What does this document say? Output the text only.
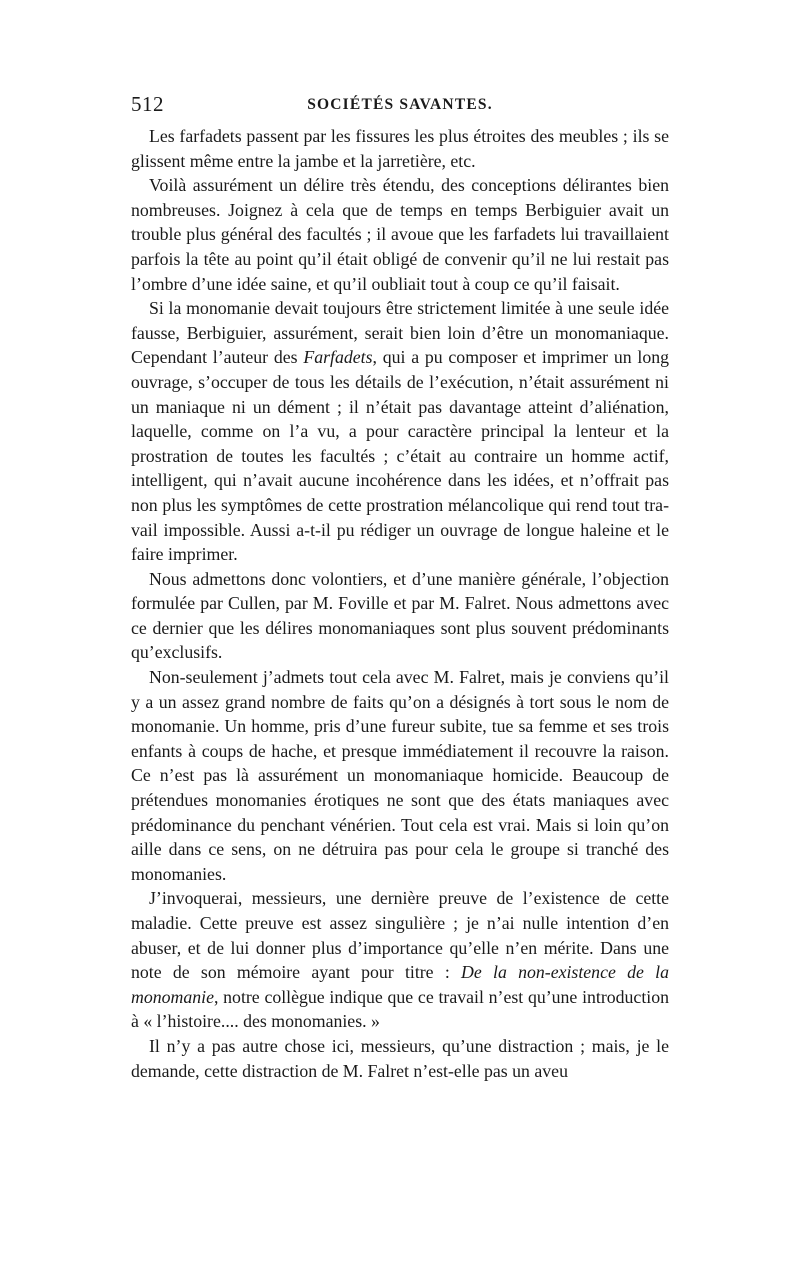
512	SOCIÉTÉS SAVANTES.

Les farfadets passent par les fissures les plus étroites des meubles ; ils se glissent même entre la jambe et la jarretière, etc.

Voilà assurément un délire très étendu, des conceptions délirantes bien nombreuses. Joignez à cela que de temps en temps Berbiguier avait un trouble plus général des facultés ; il avoue que les farfadets lui travaillaient parfois la tête au point qu’il était obligé de convenir qu’il ne lui restait pas l’ombre d’une idée saine, et qu’il oubliait tout à coup ce qu’il faisait.

Si la monomanie devait toujours être strictement limitée à une seule idée fausse, Berbiguier, assurément, serait bien loin d’être un monomaniaque. Cependant l’auteur des Farfadets, qui a pu composer et imprimer un long ouvrage, s’occuper de tous les détails de l’exécution, n’était assurément ni un maniaque ni un dément ; il n’était pas davantage atteint d’aliénation, laquelle, comme on l’a vu, a pour caractère principal la lenteur et la prostration de toutes les facultés ; c’était au contraire un homme actif, intelligent, qui n’avait aucune incohérence dans les idées, et n’offrait pas non plus les symptômes de cette prostration mélancolique qui rend tout travail impossible. Aussi a-t-il pu rédiger un ouvrage de longue haleine et le faire imprimer.

Nous admettons donc volontiers, et d’une manière générale, l’objection formulée par Cullen, par M. Foville et par M. Falret. Nous admettons avec ce dernier que les délires monomaniaques sont plus souvent prédominants qu’exclusifs.

Non-seulement j’admets tout cela avec M. Falret, mais je conviens qu’il y a un assez grand nombre de faits qu’on a désignés à tort sous le nom de monomanie. Un homme, pris d’une fureur subite, tue sa femme et ses trois enfants à coups de hache, et presque immédiatement il recouvre la raison. Ce n’est pas là assurément un monomaniaque homicide. Beaucoup de prétendues monomanies érotiques ne sont que des états maniaques avec prédominance du penchant vénérien. Tout cela est vrai. Mais si loin qu’on aille dans ce sens, on ne détruira pas pour cela le groupe si tranché des monomanies.

J’invoquerai, messieurs, une dernière preuve de l’existence de cette maladie. Cette preuve est assez singulière ; je n’ai nulle intention d’en abuser, et de lui donner plus d’importance qu’elle n’en mérite. Dans une note de son mémoire ayant pour titre : De la non-existence de la monomanie, notre collègue indique que ce travail n’est qu’une introduction à « l’histoire.... des monomanies. »

Il n’y a pas autre chose ici, messieurs, qu’une distraction ; mais, je le demande, cette distraction de M. Falret n’est-elle pas un aveu
